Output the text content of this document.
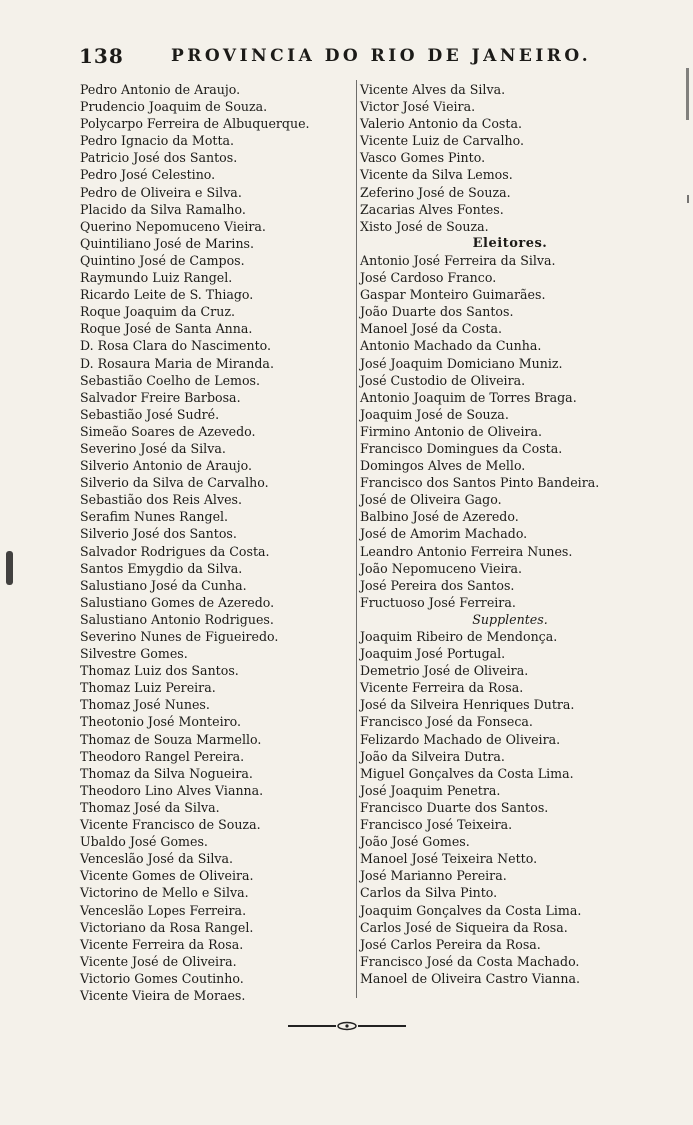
138	PROVINCIA DO RIO DE JANEIRO.
Pedro Antonio de Araujo.
Prudencio Joaquim de Souza.
Polycarpo Ferreira de Albuquerque.
Pedro Ignacio da Motta.
Patricio José dos Santos.
Pedro José Celestino.
Pedro de Oliveira e Silva.
Placido da Silva Ramalho.
Querino Nepomuceno Vieira.
Quintiliano José de Marins.
Quintino José de Campos.
Raymundo Luiz Rangel.
Ricardo Leite de S. Thiago.
Roque Joaquim da Cruz.
Roque José de Santa Anna.
D. Rosa Clara do Nascimento.
D. Rosaura Maria de Miranda.
Sebastião Coelho de Lemos.
Salvador Freire Barbosa.
Sebastião José Sudré.
Simeão Soares de Azevedo.
Severino José da Silva.
Silverio Antonio de Araujo.
Silverio da Silva de Carvalho.
Sebastião dos Reis Alves.
Serafim Nunes Rangel.
Silverio José dos Santos.
Salvador Rodrigues da Costa.
Santos Emygdio da Silva.
Salustiano José da Cunha.
Salustiano Gomes de Azeredo.
Salustiano Antonio Rodrigues.
Severino Nunes de Figueiredo.
Silvestre Gomes.
Thomaz Luiz dos Santos.
Thomaz Luiz Pereira.
Thomaz José Nunes.
Theotonio José Monteiro.
Thomaz de Souza Marmello.
Theodoro Rangel Pereira.
Thomaz da Silva Nogueira.
Theodoro Lino Alves Vianna.
Thomaz José da Silva.
Vicente Francisco de Souza.
Ubaldo José Gomes.
Venceslão José da Silva.
Vicente Gomes de Oliveira.
Victorino de Mello e Silva.
Venceslão Lopes Ferreira.
Victoriano da Rosa Rangel.
Vicente Ferreira da Rosa.
Vicente José de Oliveira.
Victorio Gomes Coutinho.
Vicente Vieira de Moraes.
Vicente Alves da Silva.
Victor José Vieira.
Valerio Antonio da Costa.
Vicente Luiz de Carvalho.
Vasco Gomes Pinto.
Vicente da Silva Lemos.
Zeferino José de Souza.
Zacarias Alves Fontes.
Xisto José de Souza.
Eleitores.
Antonio José Ferreira da Silva.
José Cardoso Franco.
Gaspar Monteiro Guimarães.
João Duarte dos Santos.
Manoel José da Costa.
Antonio Machado da Cunha.
José Joaquim Domiciano Muniz.
José Custodio de Oliveira.
Antonio Joaquim de Torres Braga.
Joaquim José de Souza.
Firmino Antonio de Oliveira.
Francisco Domingues da Costa.
Domingos Alves de Mello.
Francisco dos Santos Pinto Bandeira.
José de Oliveira Gago.
Balbino José de Azeredo.
José de Amorim Machado.
Leandro Antonio Ferreira Nunes.
João Nepomuceno Vieira.
José Pereira dos Santos.
Fructuoso José Ferreira.
Supplentes.
Joaquim Ribeiro de Mendonça.
Joaquim José Portugal.
Demetrio José de Oliveira.
Vicente Ferreira da Rosa.
José da Silveira Henriques Dutra.
Francisco José da Fonseca.
Felizardo Machado de Oliveira.
João da Silveira Dutra.
Miguel Gonçalves da Costa Lima.
José Joaquim Penetra.
Francisco Duarte dos Santos.
Francisco José Teixeira.
João José Gomes.
Manoel José Teixeira Netto.
José Marianno Pereira.
Carlos da Silva Pinto.
Joaquim Gonçalves da Costa Lima.
Carlos José de Siqueira da Rosa.
José Carlos Pereira da Rosa.
Francisco José da Costa Machado.
Manoel de Oliveira Castro Vianna.
